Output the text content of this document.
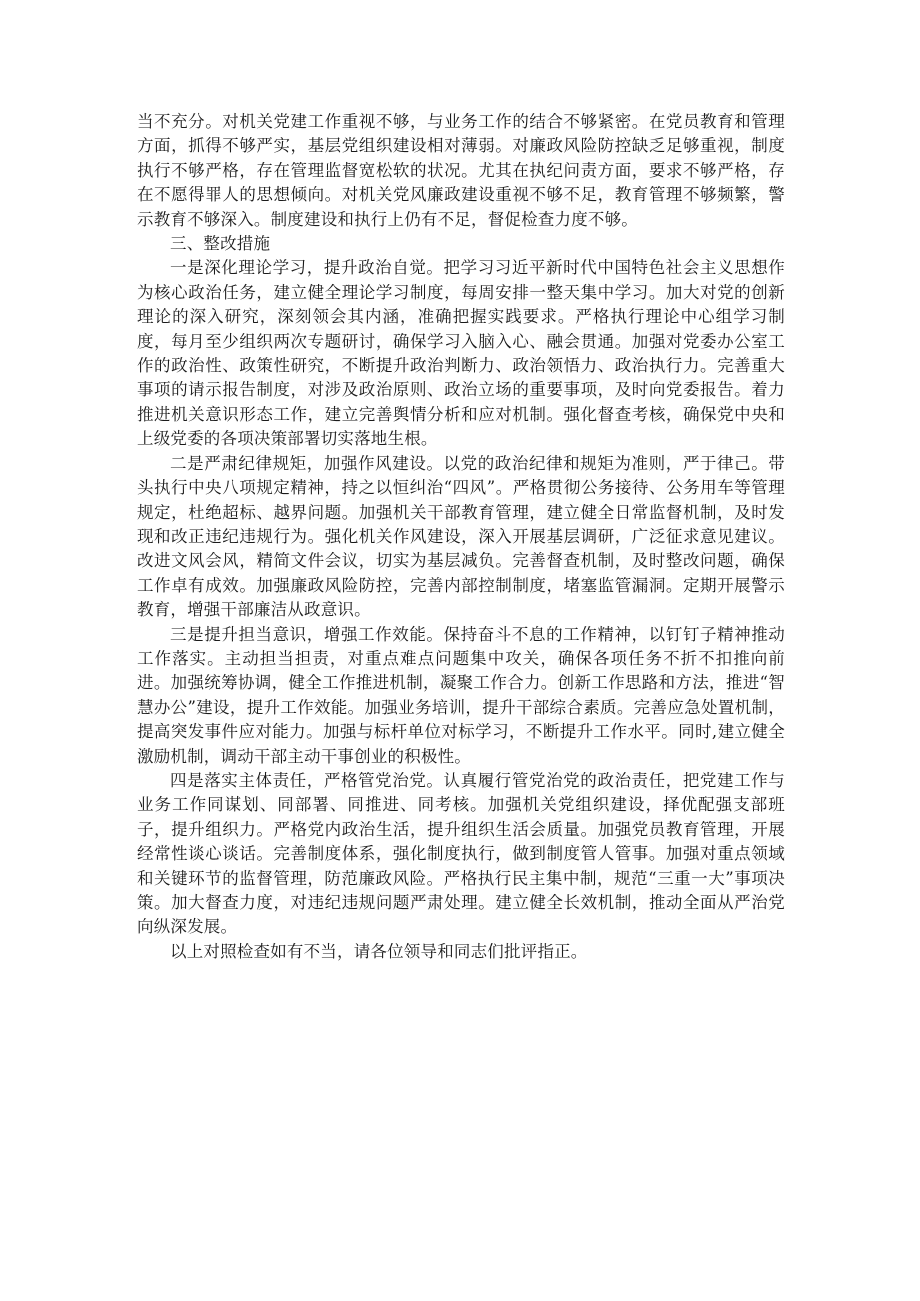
当不充分。对机关党建工作重视不够，与业务工作的结合不够紧密。在党员教育和管理方面，抓得不够严实，基层党组织建设相对薄弱。对廉政风险防控缺乏足够重视，制度执行不够严格，存在管理监督宽松软的状况。尤其在执纪问责方面，要求不够严格，存在不愿得罪人的思想倾向。对机关党风廉政建设重视不够不足，教育管理不够频繁，警示教育不够深入。制度建设和执行上仍有不足，督促检查力度不够。

三、整改措施

一是深化理论学习，提升政治自觉。把学习习近平新时代中国特色社会主义思想作为核心政治任务，建立健全理论学习制度，每周安排一整天集中学习。加大对党的创新理论的深入研究，深刻领会其内涵，准确把握实践要求。严格执行理论中心组学习制度，每月至少组织两次专题研讨，确保学习入脑入心、融会贯通。加强对党委办公室工作的政治性、政策性研究，不断提升政治判断力、政治领悟力、政治执行力。完善重大事项的请示报告制度，对涉及政治原则、政治立场的重要事项，及时向党委报告。着力推进机关意识形态工作，建立完善舆情分析和应对机制。强化督查考核，确保党中央和上级党委的各项决策部署切实落地生根。

二是严肃纪律规矩，加强作风建设。以党的政治纪律和规矩为准则，严于律己。带头执行中央八项规定精神，持之以恒纠治“四风”。严格贯彻公务接待、公务用车等管理规定，杜绝超标、越界问题。加强机关干部教育管理，建立健全日常监督机制，及时发现和改正违纪违规行为。强化机关作风建设，深入开展基层调研，广泛征求意见建议。改进文风会风，精简文件会议，切实为基层减负。完善督查机制，及时整改问题，确保工作卓有成效。加强廉政风险防控，完善内部控制制度，堵塞监管漏洞。定期开展警示教育，增强干部廉洁从政意识。

三是提升担当意识，增强工作效能。保持奋斗不息的工作精神，以钉钉子精神推动工作落实。主动担当担责，对重点难点问题集中攻关，确保各项任务不折不扣推向前进。加强统筹协调，健全工作推进机制，凝聚工作合力。创新工作思路和方法，推进“智慧办公”建设，提升工作效能。加强业务培训，提升干部综合素质。完善应急处置机制，提高突发事件应对能力。加强与标杆单位对标学习，不断提升工作水平。同时,建立健全激励机制，调动干部主动干事创业的积极性。

四是落实主体责任，严格管党治党。认真履行管党治党的政治责任，把党建工作与业务工作同谋划、同部署、同推进、同考核。加强机关党组织建设，择优配强支部班子，提升组织力。严格党内政治生活，提升组织生活会质量。加强党员教育管理，开展经常性谈心谈话。完善制度体系，强化制度执行，做到制度管人管事。加强对重点领域和关键环节的监督管理，防范廉政风险。严格执行民主集中制，规范“三重一大”事项决策。加大督查力度，对违纪违规问题严肃处理。建立健全长效机制，推动全面从严治党向纵深发展。

以上对照检查如有不当，请各位领导和同志们批评指正。
